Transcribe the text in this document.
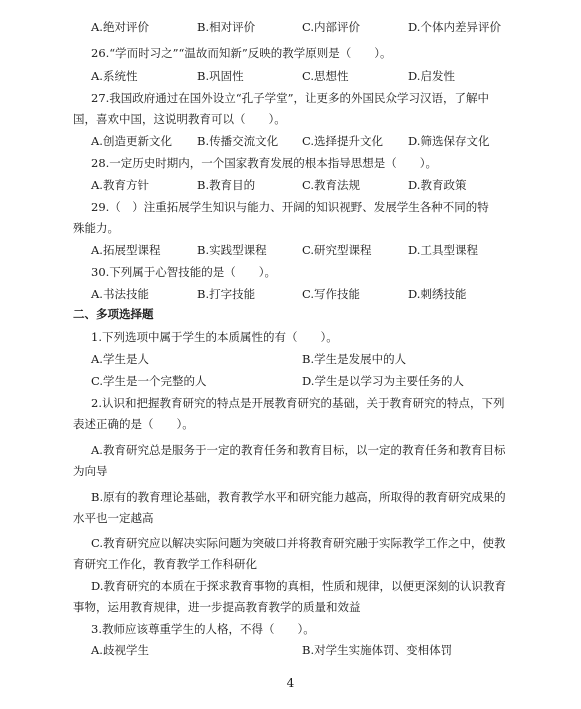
A.绝对评价	B.相对评价	C.内部评价	D.个体内差异评价
26.“学而时习之”“温故而知新”反映的教学原则是（　　）。
A.系统性	B.巩固性	C.思想性	D.启发性
27.我国政府通过在国外设立“孔子学堂”，让更多的外国民众学习汉语，了解中
国，喜欢中国，这说明教育可以（　　）。
A.创造更新文化 B.传播交流文化 C.选择提升文化 D.筛选保存文化
28.一定历史时期内，一个国家教育发展的根本指导思想是（　　）。
A.教育方针	B.教育目的	C.教育法规	D.教育政策
29.（　）注重拓展学生知识与能力、开阔的知识视野、发展学生各种不同的特
殊能力。
A.拓展型课程	B.实践型课程	C.研究型课程	D.工具型课程
30.下列属于心智技能的是（　　）。
A.书法技能	B.打字技能	C.写作技能	D.刺绣技能
二、多项选择题
1.下列选项中属于学生的本质属性的有（　　）。
A.学生是人	B.学生是发展中的人
C.学生是一个完整的人	D.学生是以学习为主要任务的人
2.认识和把握教育研究的特点是开展教育研究的基础，关于教育研究的特点，下列
表述正确的是（　　）。
A.教育研究总是服务于一定的教育任务和教育目标，以一定的教育任务和教育目标
为向导
B.原有的教育理论基础，教育教学水平和研究能力越高，所取得的教育研究成果的
水平也一定越高
C.教育研究应以解决实际问题为突破口并将教育研究融于实际教学工作之中，使教
育研究工作化，教育教学工作科研化
D.教育研究的本质在于探求教育事物的真相，性质和规律，以便更深刻的认识教育
事物，运用教育规律，进一步提高教育教学的质量和效益
3.教师应该尊重学生的人格，不得（　　）。
A.歧视学生	B.对学生实施体罚、变相体罚
4
